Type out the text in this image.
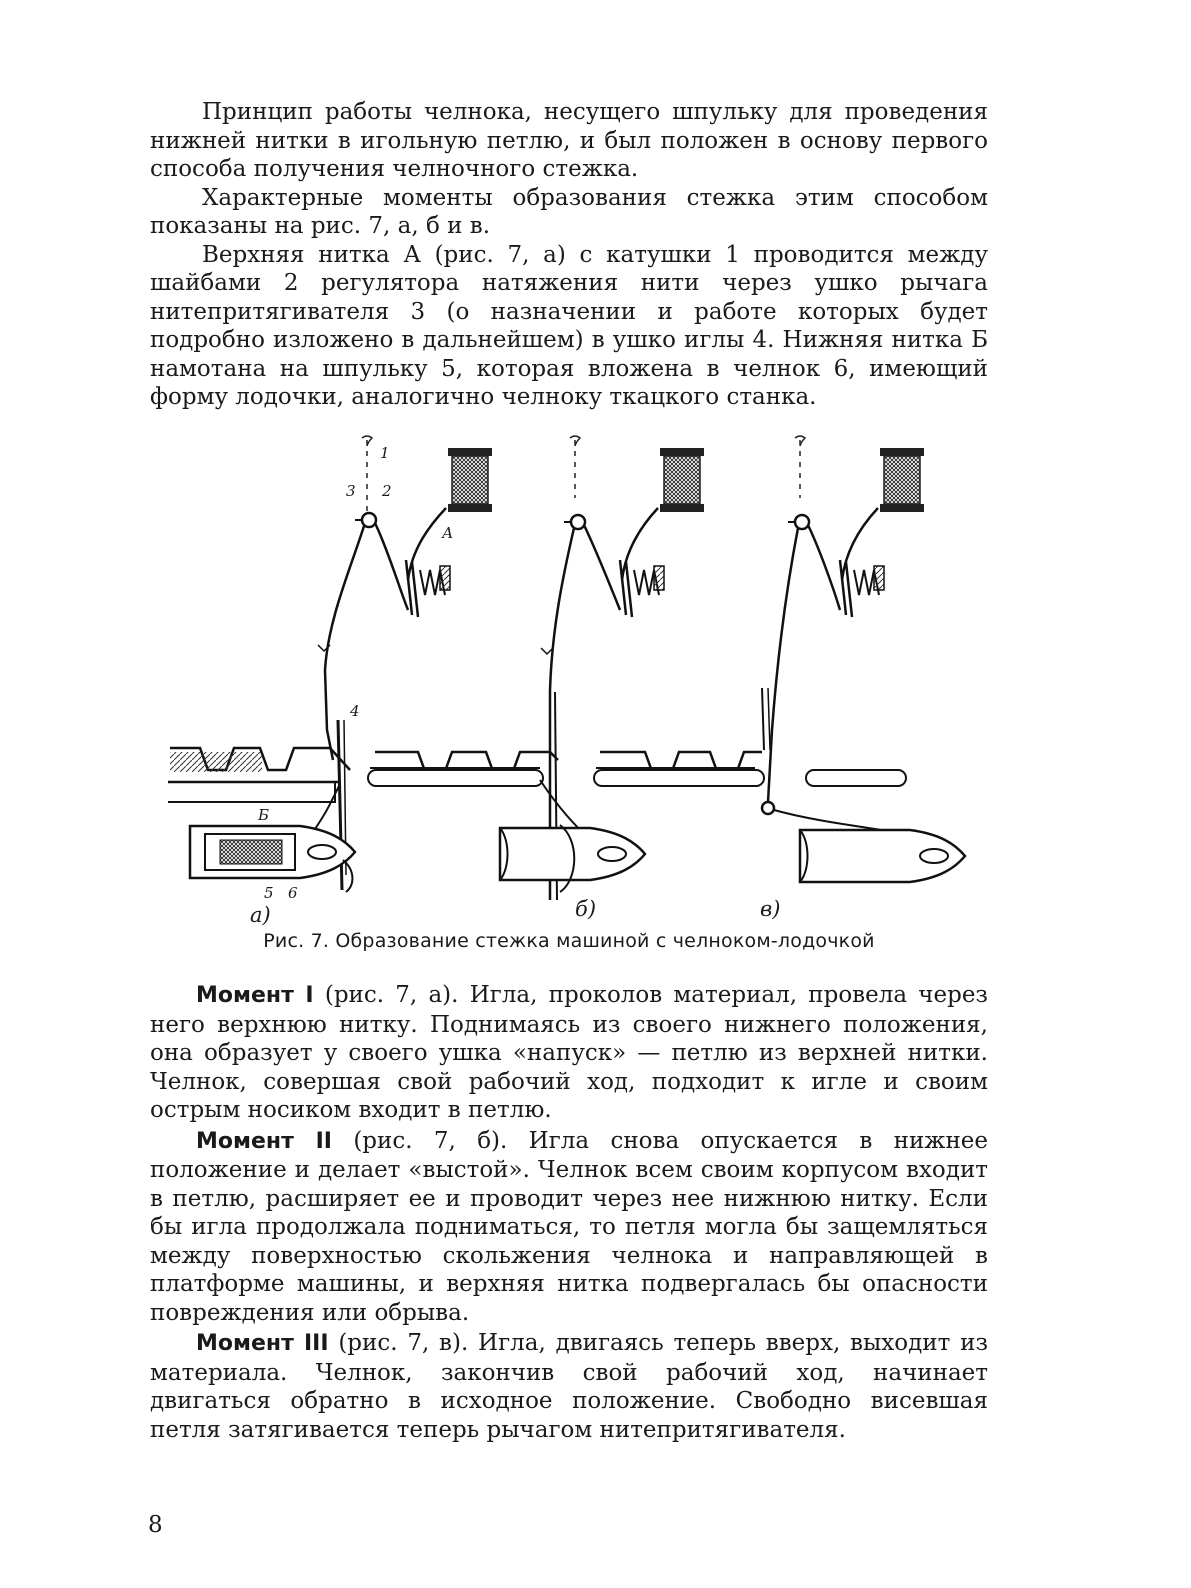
Принцип работы челнока, несущего шпульку для проведения нижней нитки в игольную петлю, и был положен в основу первого способа получения челночного стежка.

Характерные моменты образования стежка этим способом показаны на рис. 7, а, б и в.

Верхняя нитка А (рис. 7, а) с катушки 1 проводится между шайбами 2 регулятора натяжения нити через ушко рычага нитепритягивателя 3 (о назначении и работе которых будет подробно изложено в дальнейшем) в ушко иглы 4. Нижняя нитка Б намотана на шпульку 5, которая вложена в челнок 6, имеющий форму лодочки, аналогично челноку ткацкого станка.

1
2
3
А
4
Б
5 6
а)	б)	в)
Рис. 7. Образование стежка машиной с челноком-лодочкой

Момент I (рис. 7, а). Игла, проколов материал, провела через него верхнюю нитку. Поднимаясь из своего нижнего положения, она образует у своего ушка «напуск» — петлю из верхней нитки. Челнок, совершая свой рабочий ход, подходит к игле и своим острым носиком входит в петлю.

Момент II (рис. 7, б). Игла снова опускается в нижнее положение и делает «выстой». Челнок всем своим корпусом входит в петлю, расширяет ее и проводит через нее нижнюю нитку. Если бы игла продолжала подниматься, то петля могла бы защемляться между поверхностью скольжения челнока и направляющей в платформе машины, и верхняя нитка подвергалась бы опасности повреждения или обрыва.

Момент III (рис. 7, в). Игла, двигаясь теперь вверх, выходит из материала. Челнок, закончив свой рабочий ход, начинает двигаться обратно в исходное положение. Свободно висевшая петля затягивается теперь рычагом нитепритягивателя.

8
